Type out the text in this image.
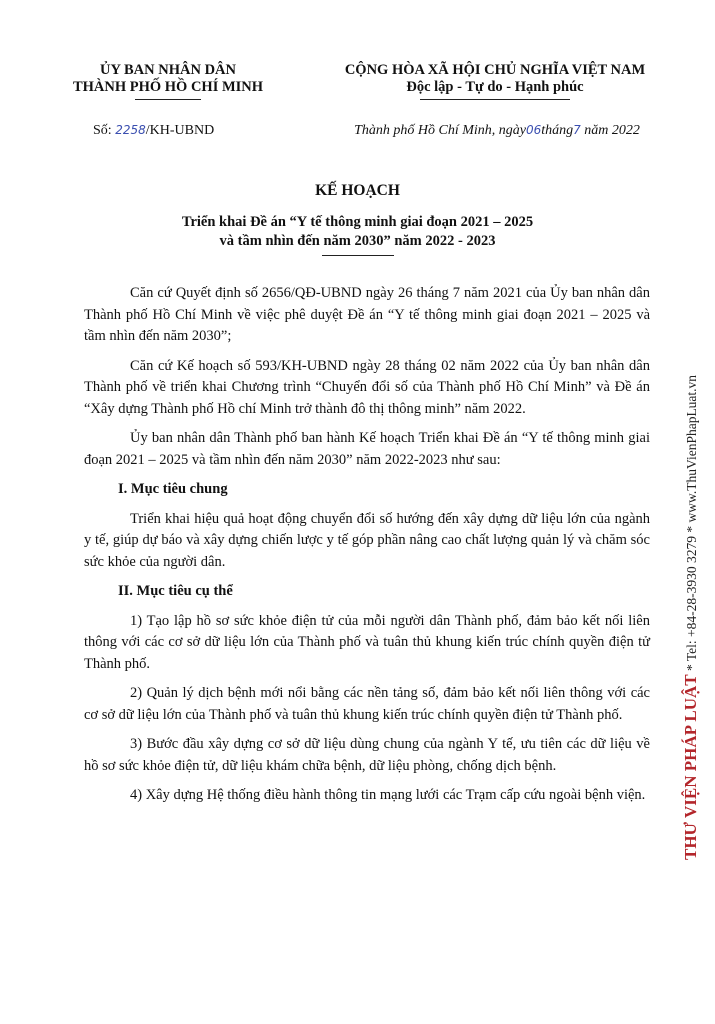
ỦY BAN NHÂN DÂN
THÀNH PHỐ HỒ CHÍ MINH
CỘNG HÒA XÃ HỘI CHỦ NGHĨA VIỆT NAM
Độc lập - Tự do - Hạnh phúc
Số: 2258/KH-UBND	Thành phố Hồ Chí Minh, ngày06tháng7 năm 2022
KẾ HOẠCH
Triển khai Đề án “Y tế thông minh giai đoạn 2021 – 2025
và tầm nhìn đến năm 2030” năm 2022 - 2023

Căn cứ Quyết định số 2656/QĐ-UBND ngày 26 tháng 7 năm 2021 của Ủy ban nhân dân Thành phố Hồ Chí Minh về việc phê duyệt Đề án “Y tế thông minh giai đoạn 2021 – 2025 và tầm nhìn đến năm 2030”;

Căn cứ Kế hoạch số 593/KH-UBND ngày 28 tháng 02 năm 2022 của Ủy ban nhân dân Thành phố về triển khai Chương trình “Chuyển đổi số của Thành phố Hồ Chí Minh” và Đề án “Xây dựng Thành phố Hồ chí Minh trở thành đô thị thông minh” năm 2022.

Ủy ban nhân dân Thành phố ban hành Kế hoạch Triển khai Đề án “Y tế thông minh giai đoạn 2021 – 2025 và tầm nhìn đến năm 2030” năm 2022-2023 như sau:

I. Mục tiêu chung

Triển khai hiệu quả hoạt động chuyển đổi số hướng đến xây dựng dữ liệu lớn của ngành y tế, giúp dự báo và xây dựng chiến lược y tế góp phần nâng cao chất lượng quản lý và chăm sóc sức khỏe của người dân.

II. Mục tiêu cụ thể

1) Tạo lập hồ sơ sức khỏe điện tử của mỗi người dân Thành phố, đảm bảo kết nối liên thông với các cơ sở dữ liệu lớn của Thành phố và tuân thủ khung kiến trúc chính quyền điện tử Thành phố.

2) Quản lý dịch bệnh mới nổi bằng các nền tảng số, đảm bảo kết nối liên thông với các cơ sở dữ liệu lớn của Thành phố và tuân thủ khung kiến trúc chính quyền điện tử Thành phố.

3) Bước đầu xây dựng cơ sở dữ liệu dùng chung của ngành Y tế, ưu tiên các dữ liệu về hồ sơ sức khỏe điện tử, dữ liệu khám chữa bệnh, dữ liệu phòng, chống dịch bệnh.

4) Xây dựng Hệ thống điều hành thông tin mạng lưới các Trạm cấp cứu ngoài bệnh viện. THƯ VIỆN PHÁP LUẬT * Tel: +84-28-3930 3279 * www.ThuVienPhapLuat.vn
